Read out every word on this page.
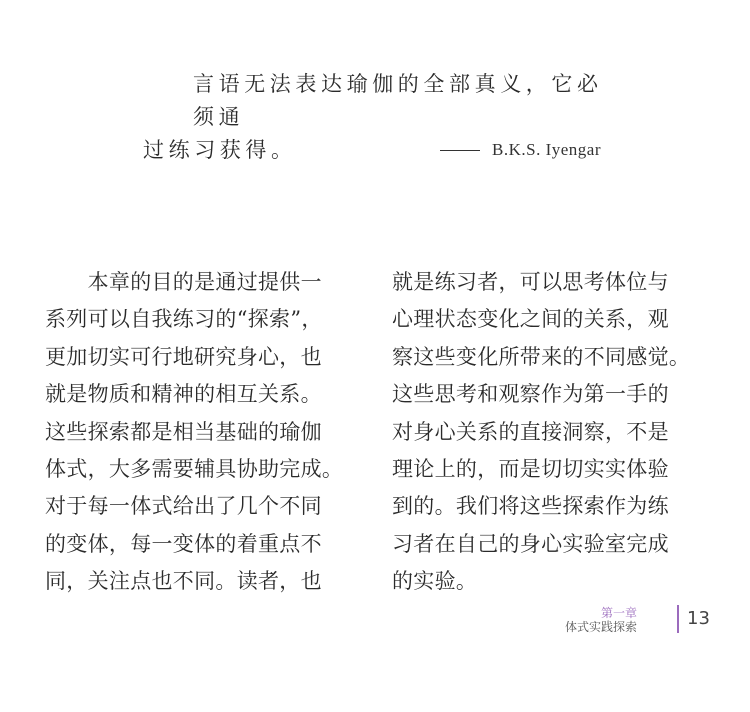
言语无法表达瑜伽的全部真义，它必须通
过练习获得。	B.K.S. Iyengar
　　本章的目的是通过提供一
系列可以自我练习的“探索”，
更加切实可行地研究身心，也
就是物质和精神的相互关系。
这些探索都是相当基础的瑜伽
体式，大多需要辅具协助完成。
对于每一体式给出了几个不同
的变体，每一变体的着重点不
同，关注点也不同。读者，也
就是练习者，可以思考体位与
心理状态变化之间的关系，观
察这些变化所带来的不同感觉。
这些思考和观察作为第一手的
对身心关系的直接洞察，不是
理论上的，而是切切实实体验
到的。我们将这些探索作为练
习者在自己的身心实验室完成
的实验。
第一章
体式实践探索	13
